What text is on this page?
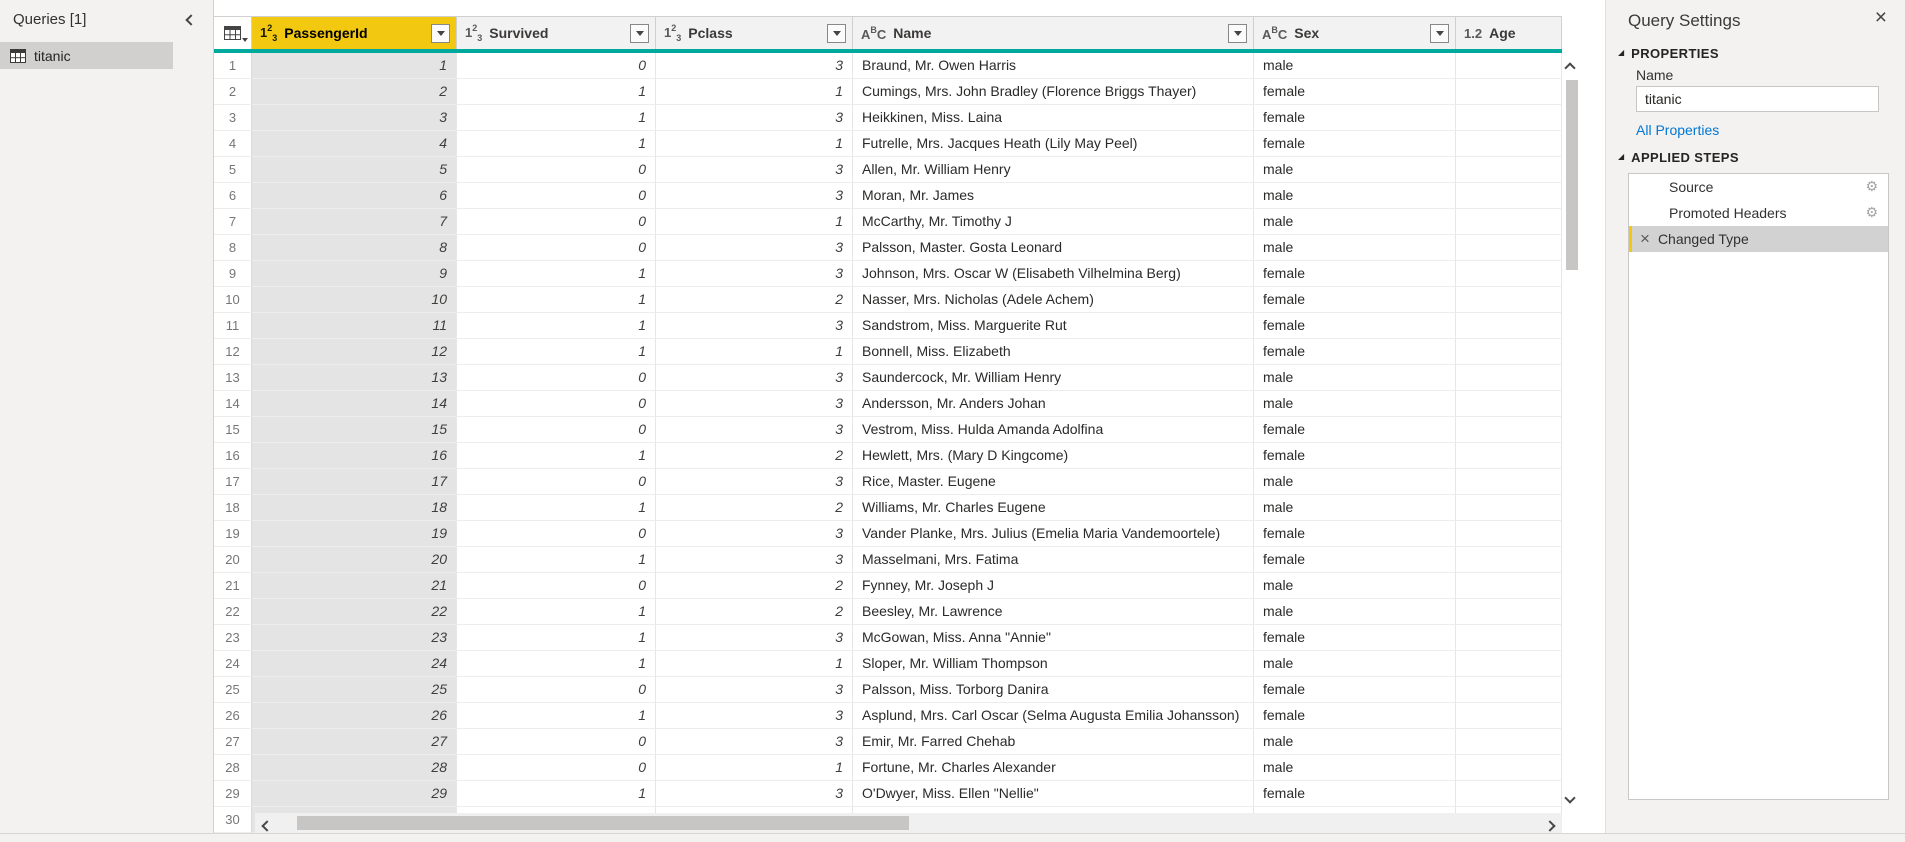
Queries [1]
titanic
$1^2_3$ PassengerId	$1^2_3$ Survived	$1^2_3$ Pclass	$A^BC$ Name	$A^BC$ Sex	1.2 Age
1	1	0	3	Braund, Mr. Owen Harris	male
2	2	1	1	Cumings, Mrs. John Bradley (Florence Briggs Thayer)	female
3	3	1	3	Heikkinen, Miss. Laina	female
4	4	1	1	Futrelle, Mrs. Jacques Heath (Lily May Peel)	female
5	5	0	3	Allen, Mr. William Henry	male
6	6	0	3	Moran, Mr. James	male
7	7	0	1	McCarthy, Mr. Timothy J	male
8	8	0	3	Palsson, Master. Gosta Leonard	male
9	9	1	3	Johnson, Mrs. Oscar W (Elisabeth Vilhelmina Berg)	female
10	10	1	2	Nasser, Mrs. Nicholas (Adele Achem)	female
11	11	1	3	Sandstrom, Miss. Marguerite Rut	female
12	12	1	1	Bonnell, Miss. Elizabeth	female
13	13	0	3	Saundercock, Mr. William Henry	male
14	14	0	3	Andersson, Mr. Anders Johan	male
15	15	0	3	Vestrom, Miss. Hulda Amanda Adolfina	female
16	16	1	2	Hewlett, Mrs. (Mary D Kingcome)	female
17	17	0	3	Rice, Master. Eugene	male
18	18	1	2	Williams, Mr. Charles Eugene	male
19	19	0	3	Vander Planke, Mrs. Julius (Emelia Maria Vandemoortele)	female
20	20	1	3	Masselmani, Mrs. Fatima	female
21	21	0	2	Fynney, Mr. Joseph J	male
22	22	1	2	Beesley, Mr. Lawrence	male
23	23	1	3	McGowan, Miss. Anna "Annie"	female
24	24	1	1	Sloper, Mr. William Thompson	male
25	25	0	3	Palsson, Miss. Torborg Danira	female
26	26	1	3	Asplund, Mrs. Carl Oscar (Selma Augusta Emilia Johansson)	female
27	27	0	3	Emir, Mr. Farred Chehab	male
28	28	0	1	Fortune, Mr. Charles Alexander	male
29	29	1	3	O'Dwyer, Miss. Ellen "Nellie"	female
30
Query Settings	×
◢ PROPERTIES
Name
titanic
All Properties
◢ APPLIED STEPS
Source	⚙
Promoted Headers	⚙
× Changed Type
